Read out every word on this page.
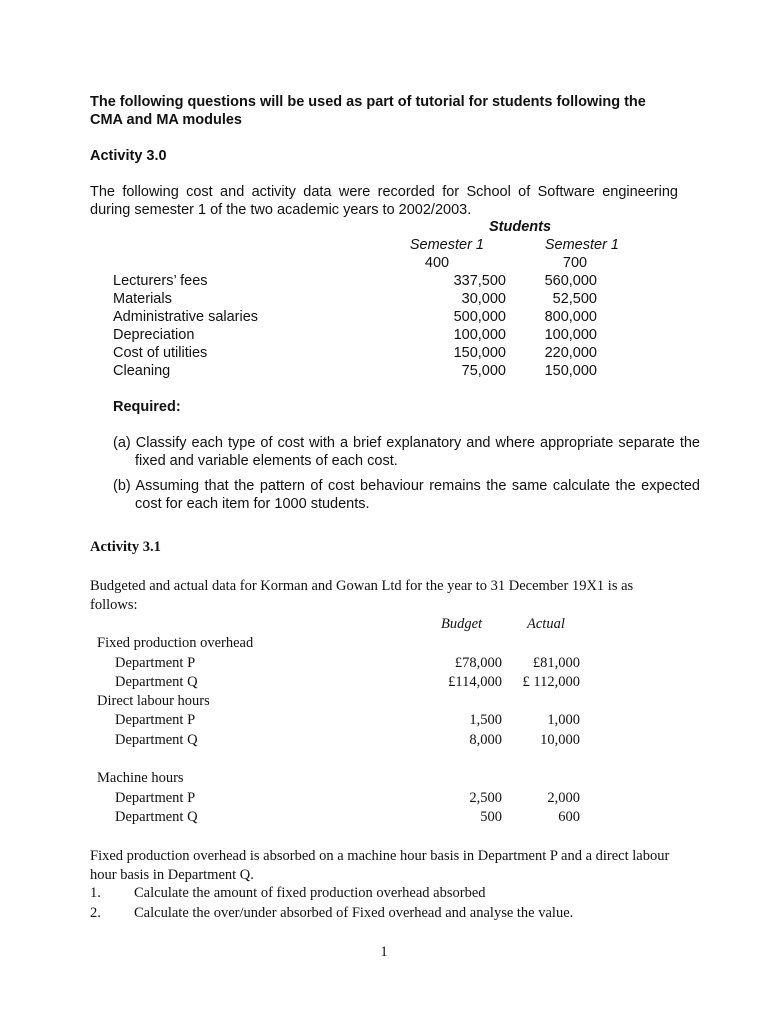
The following questions will be used as part of tutorial for students following the
CMA and MA modules
Activity 3.0
The following cost and activity data were recorded for School of Software engineering during semester 1 of the two academic years to 2002/2003.
Students
Semester 1	Semester 1
400	700
Lecturers’ fees	337,500	560,000
Materials	30,000	52,500
Administrative salaries	500,000	800,000
Depreciation	100,000	100,000
Cost of utilities	150,000	220,000
Cleaning	75,000	150,000
Required:
(a) Classify each type of cost with a brief explanatory and where appropriate separate the fixed and variable elements of each cost.
(b) Assuming that the pattern of cost behaviour remains the same calculate the expected cost for each item for 1000 students.
Activity 3.1
Budgeted and actual data for Korman and Gowan Ltd for the year to 31 December 19X1 is as follows:
Budget	Actual
Fixed production overhead
Department P	£78,000	£81,000
Department Q	£114,000	£ 112,000
Direct labour hours
Department P	1,500	1,000
Department Q	8,000	10,000
Machine hours
Department P	2,500	2,000
Department Q	500	600
Fixed production overhead is absorbed on a machine hour basis in Department P and a direct labour hour basis in Department Q.
1. Calculate the amount of fixed production overhead absorbed
2. Calculate the over/under absorbed of Fixed overhead and analyse the value.
1
